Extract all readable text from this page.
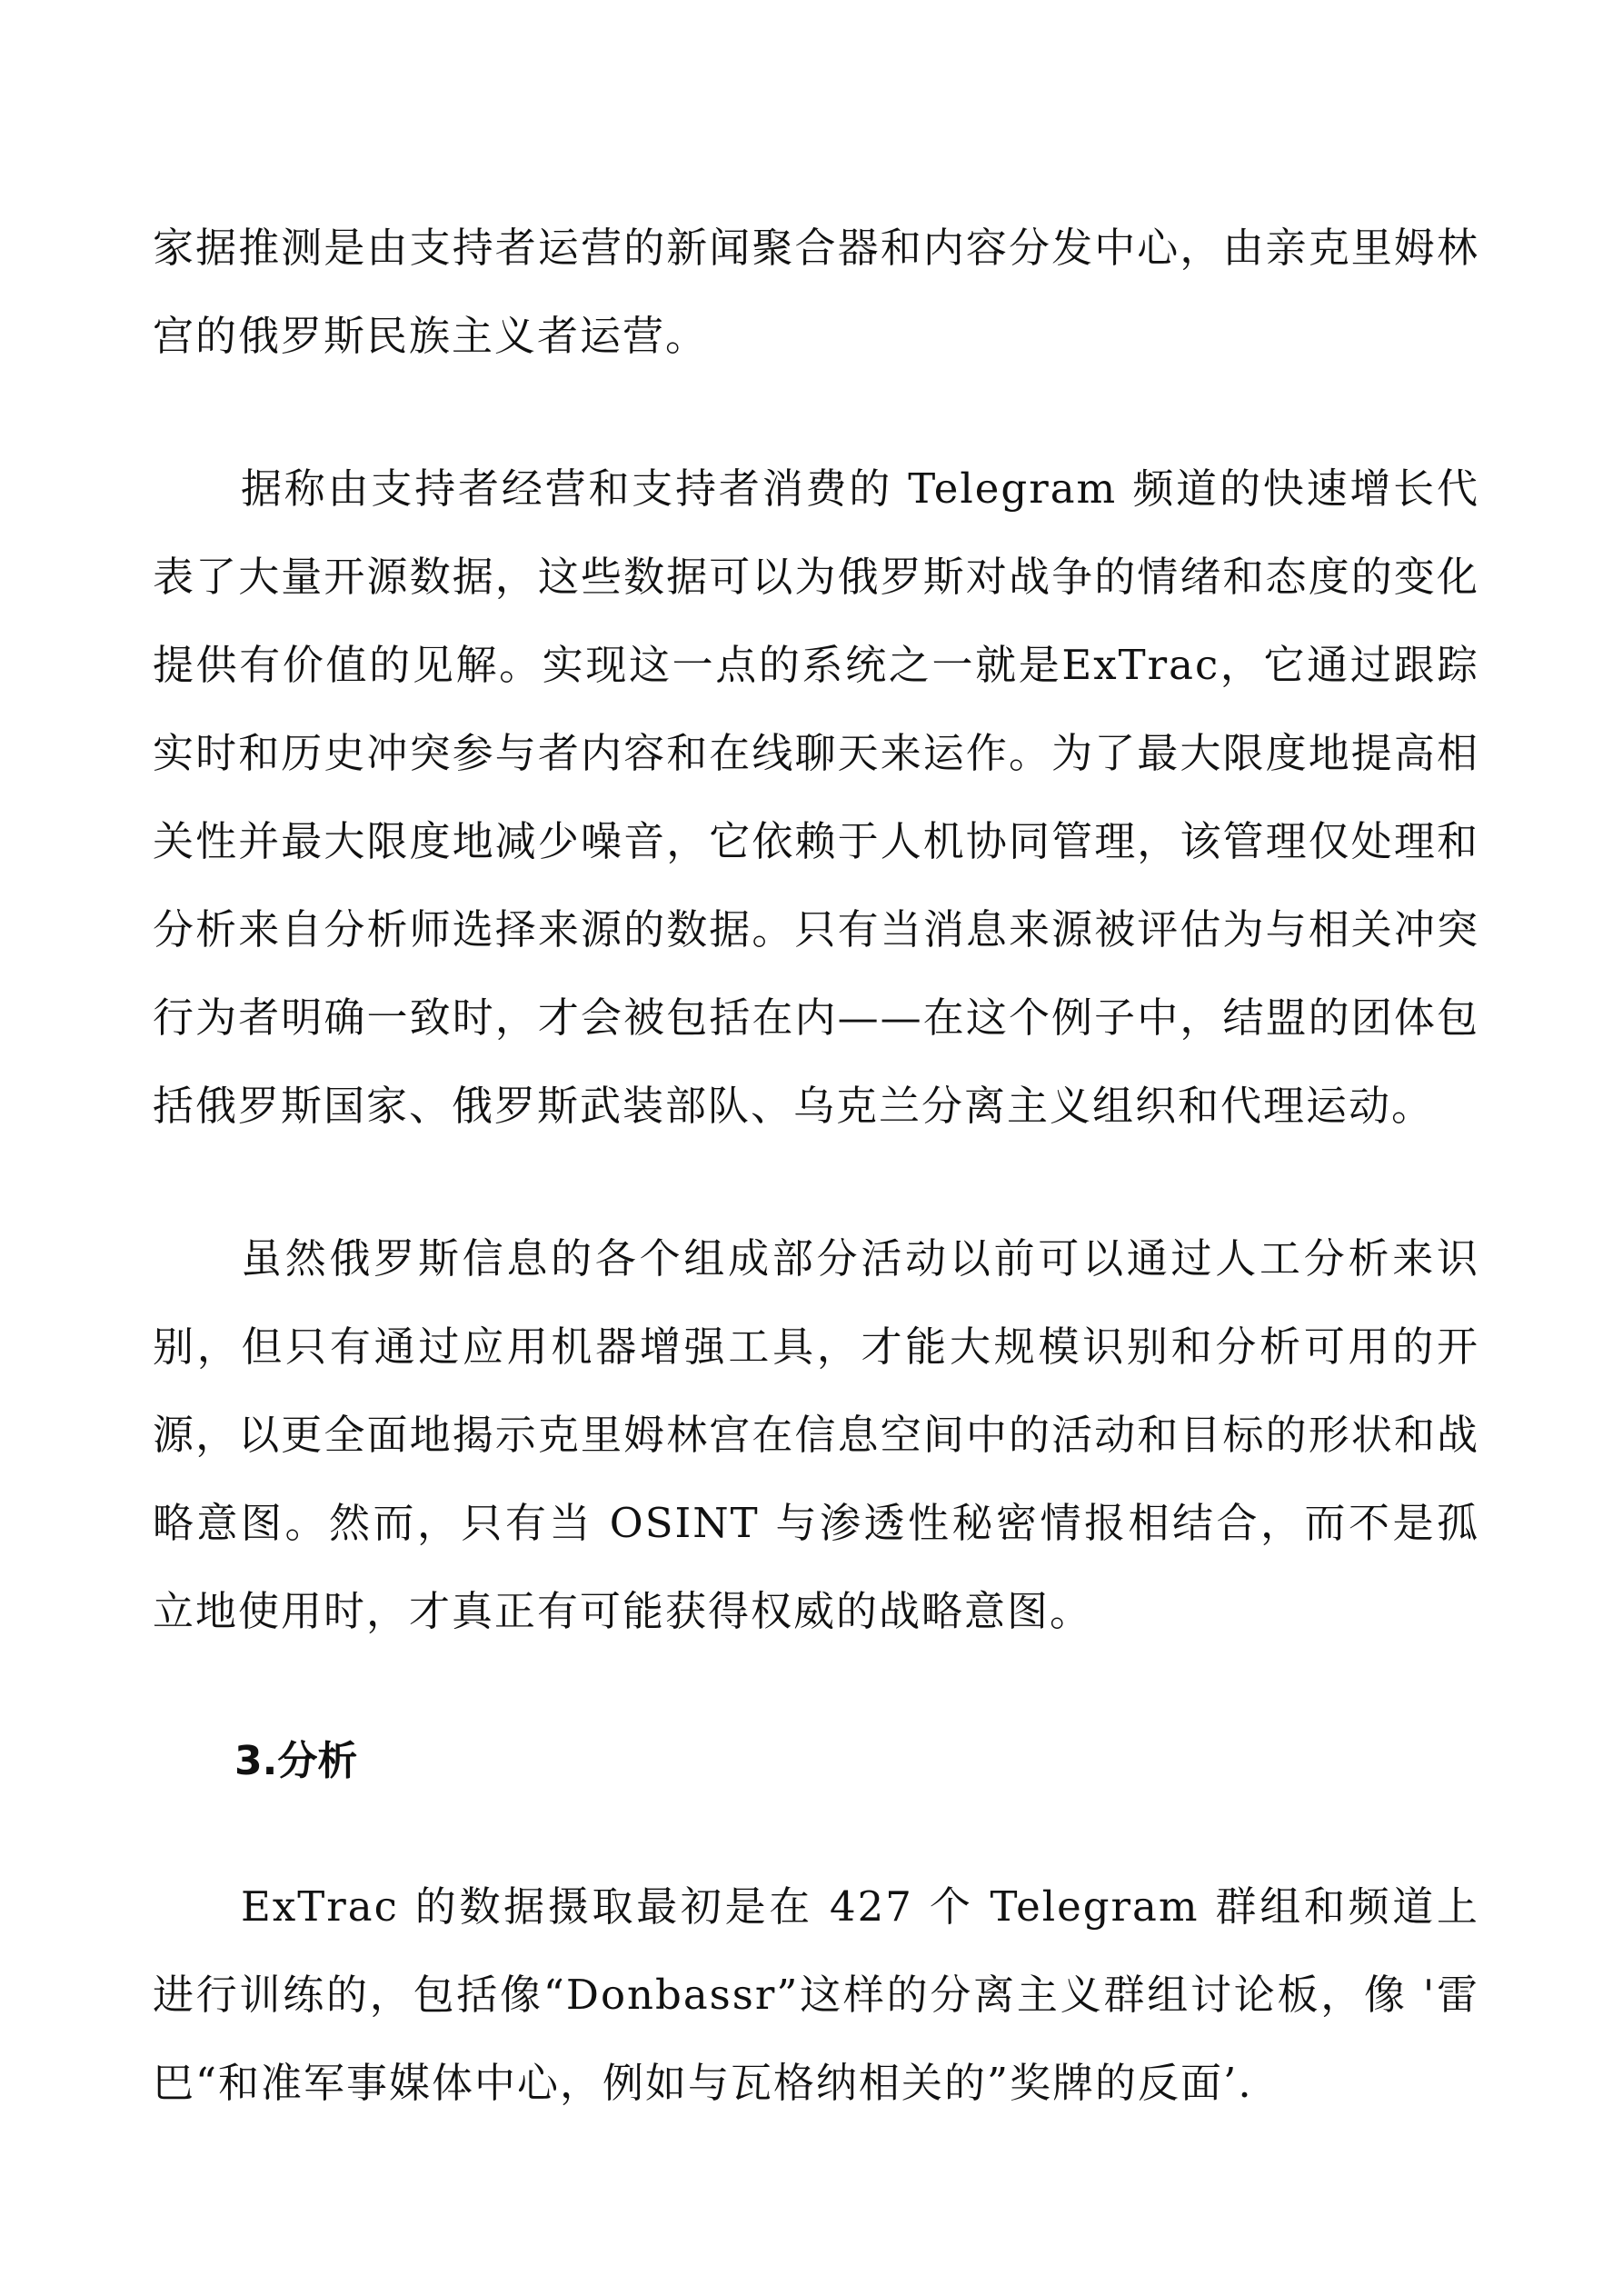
家据推测是由支持者运营的新闻聚合器和内容分发中心，由亲克里姆林宫的俄罗斯民族主义者运营。

据称由支持者经营和支持者消费的 Telegram 频道的快速增长代表了大量开源数据，这些数据可以为俄罗斯对战争的情绪和态度的变化提供有价值的见解。实现这一点的系统之一就是ExTrac，它通过跟踪实时和历史冲突参与者内容和在线聊天来运作。为了最大限度地提高相关性并最大限度地减少噪音，它依赖于人机协同管理，该管理仅处理和分析来自分析师选择来源的数据。只有当消息来源被评估为与相关冲突行为者明确一致时，才会被包括在内——在这个例子中，结盟的团体包括俄罗斯国家、俄罗斯武装部队、乌克兰分离主义组织和代理运动。

虽然俄罗斯信息的各个组成部分活动以前可以通过人工分析来识别，但只有通过应用机器增强工具，才能大规模识别和分析可用的开源，以更全面地揭示克里姆林宫在信息空间中的活动和目标的形状和战略意图。然而，只有当 OSINT 与渗透性秘密情报相结合，而不是孤立地使用时，才真正有可能获得权威的战略意图。

3.分析

ExTrac 的数据摄取最初是在 427 个 Telegram 群组和频道上进行训练的，包括像“Donbassr”这样的分离主义群组讨论板，像 '雷巴“和准军事媒体中心，例如与瓦格纳相关的”奖牌的反面’.
